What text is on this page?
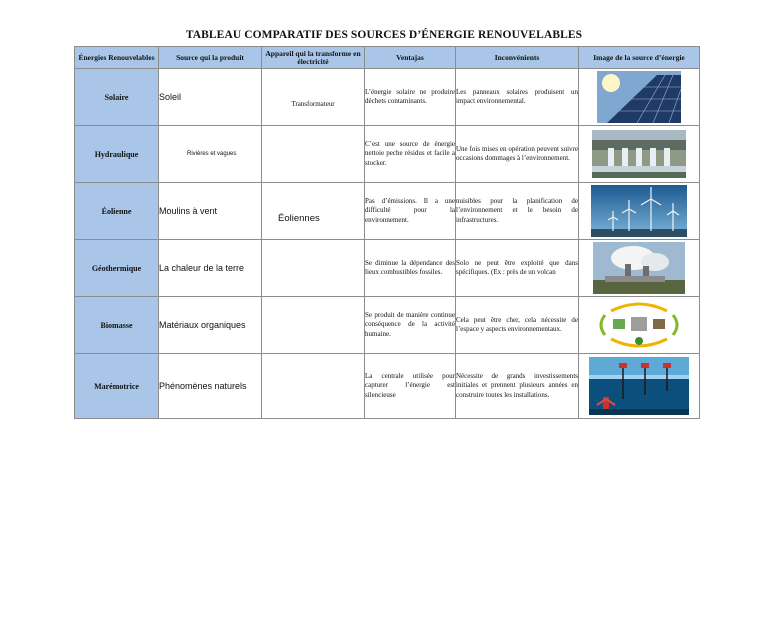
TABLEAU COMPARATIF DES SOURCES D’ÉNERGIE RENOUVELABLES
Énergies Renouvelables	Source qui la produit	Appareil qui la transforme en électricité	Ventajas	Inconvénients	Image de la source d’énergie
Solaire	Soleil	Transformateur	L’énergie solaire ne produire déchets contaminants.	Les panneaux solaires produisent un impact environnemental.	

Hydraulique	Rivières et vagues		C’est une source de énergie nettoie peche résidus et facile a stocker.	Une fois mises en opération peuvent suivre occasions dommages à l’environnement.	

Éolienne	Moulins à vent	Éoliennes	Pas d’émissions. Il a une difficulté pour la environnement.	nuisibles pour la planification de l’environnement et le besoin de infrastructures.	

Géothermique	La chaleur de la terre		Se diminue la dépendance des lieux combustibles fossiles.	Solo ne peut être exploité que dans spécifiques. (Ex : près de un volcan	

Biomasse	Matériaux organiques		Se produit de manière continue conséquence de la activité humaine.	Cela peut être cher, cela nécessite de l’espace y aspects environnementaux.	

Marémotrice	Phénomènes naturels		La centrale utilisée pour capturer l’énergie est silencieuse	Nécessite de grands investissements initiales et prennent plusieurs années en construire toutes les installations.	
